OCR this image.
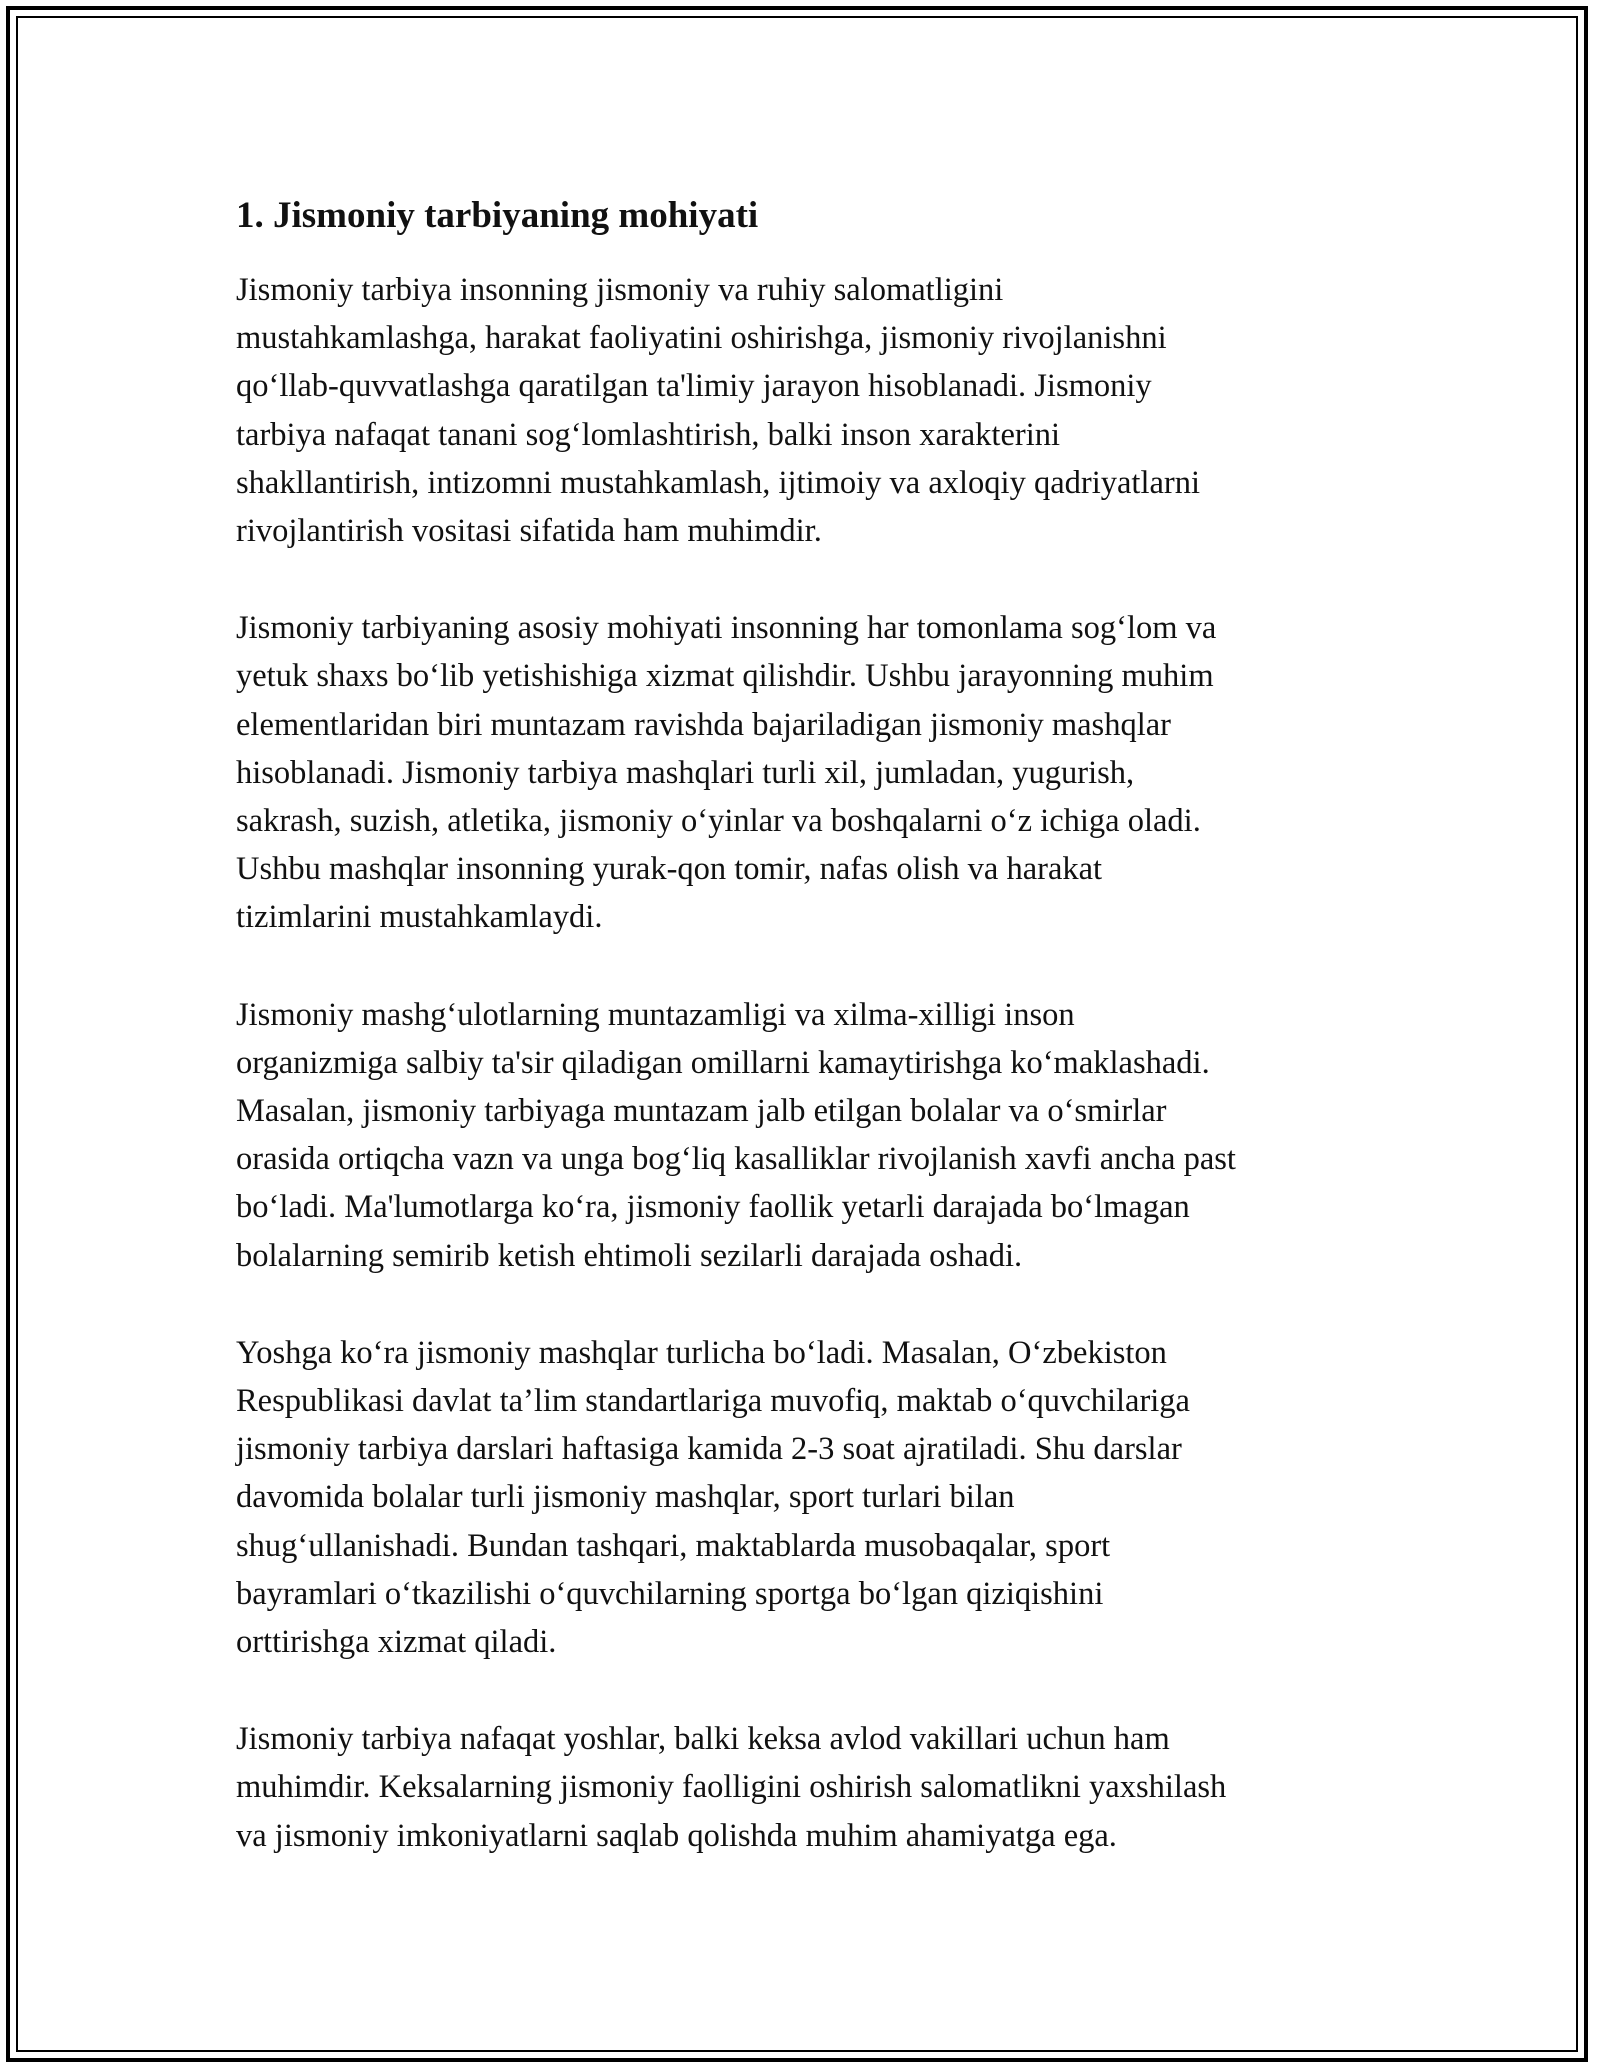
1. Jismoniy tarbiyaning mohiyati

Jismoniy tarbiya insonning jismoniy va ruhiy salomatligini
mustahkamlashga, harakat faoliyatini oshirishga, jismoniy rivojlanishni
qo‘llab-quvvatlashga qaratilgan ta'limiy jarayon hisoblanadi. Jismoniy
tarbiya nafaqat tanani sog‘lomlashtirish, balki inson xarakterini
shakllantirish, intizomni mustahkamlash, ijtimoiy va axloqiy qadriyatlarni
rivojlantirish vositasi sifatida ham muhimdir.

Jismoniy tarbiyaning asosiy mohiyati insonning har tomonlama sog‘lom va
yetuk shaxs bo‘lib yetishishiga xizmat qilishdir. Ushbu jarayonning muhim
elementlaridan biri muntazam ravishda bajariladigan jismoniy mashqlar
hisoblanadi. Jismoniy tarbiya mashqlari turli xil, jumladan, yugurish,
sakrash, suzish, atletika, jismoniy o‘yinlar va boshqalarni o‘z ichiga oladi.
Ushbu mashqlar insonning yurak-qon tomir, nafas olish va harakat
tizimlarini mustahkamlaydi.

Jismoniy mashg‘ulotlarning muntazamligi va xilma-xilligi inson
organizmiga salbiy ta'sir qiladigan omillarni kamaytirishga ko‘maklashadi.
Masalan, jismoniy tarbiyaga muntazam jalb etilgan bolalar va o‘smirlar
orasida ortiqcha vazn va unga bog‘liq kasalliklar rivojlanish xavfi ancha past
bo‘ladi. Ma'lumotlarga ko‘ra, jismoniy faollik yetarli darajada bo‘lmagan
bolalarning semirib ketish ehtimoli sezilarli darajada oshadi.

Yoshga ko‘ra jismoniy mashqlar turlicha bo‘ladi. Masalan, O‘zbekiston
Respublikasi davlat ta’lim standartlariga muvofiq, maktab o‘quvchilariga
jismoniy tarbiya darslari haftasiga kamida 2-3 soat ajratiladi. Shu darslar
davomida bolalar turli jismoniy mashqlar, sport turlari bilan
shug‘ullanishadi. Bundan tashqari, maktablarda musobaqalar, sport
bayramlari o‘tkazilishi o‘quvchilarning sportga bo‘lgan qiziqishini
orttirishga xizmat qiladi.

Jismoniy tarbiya nafaqat yoshlar, balki keksa avlod vakillari uchun ham
muhimdir. Keksalarning jismoniy faolligini oshirish salomatlikni yaxshilash
va jismoniy imkoniyatlarni saqlab qolishda muhim ahamiyatga ega.
